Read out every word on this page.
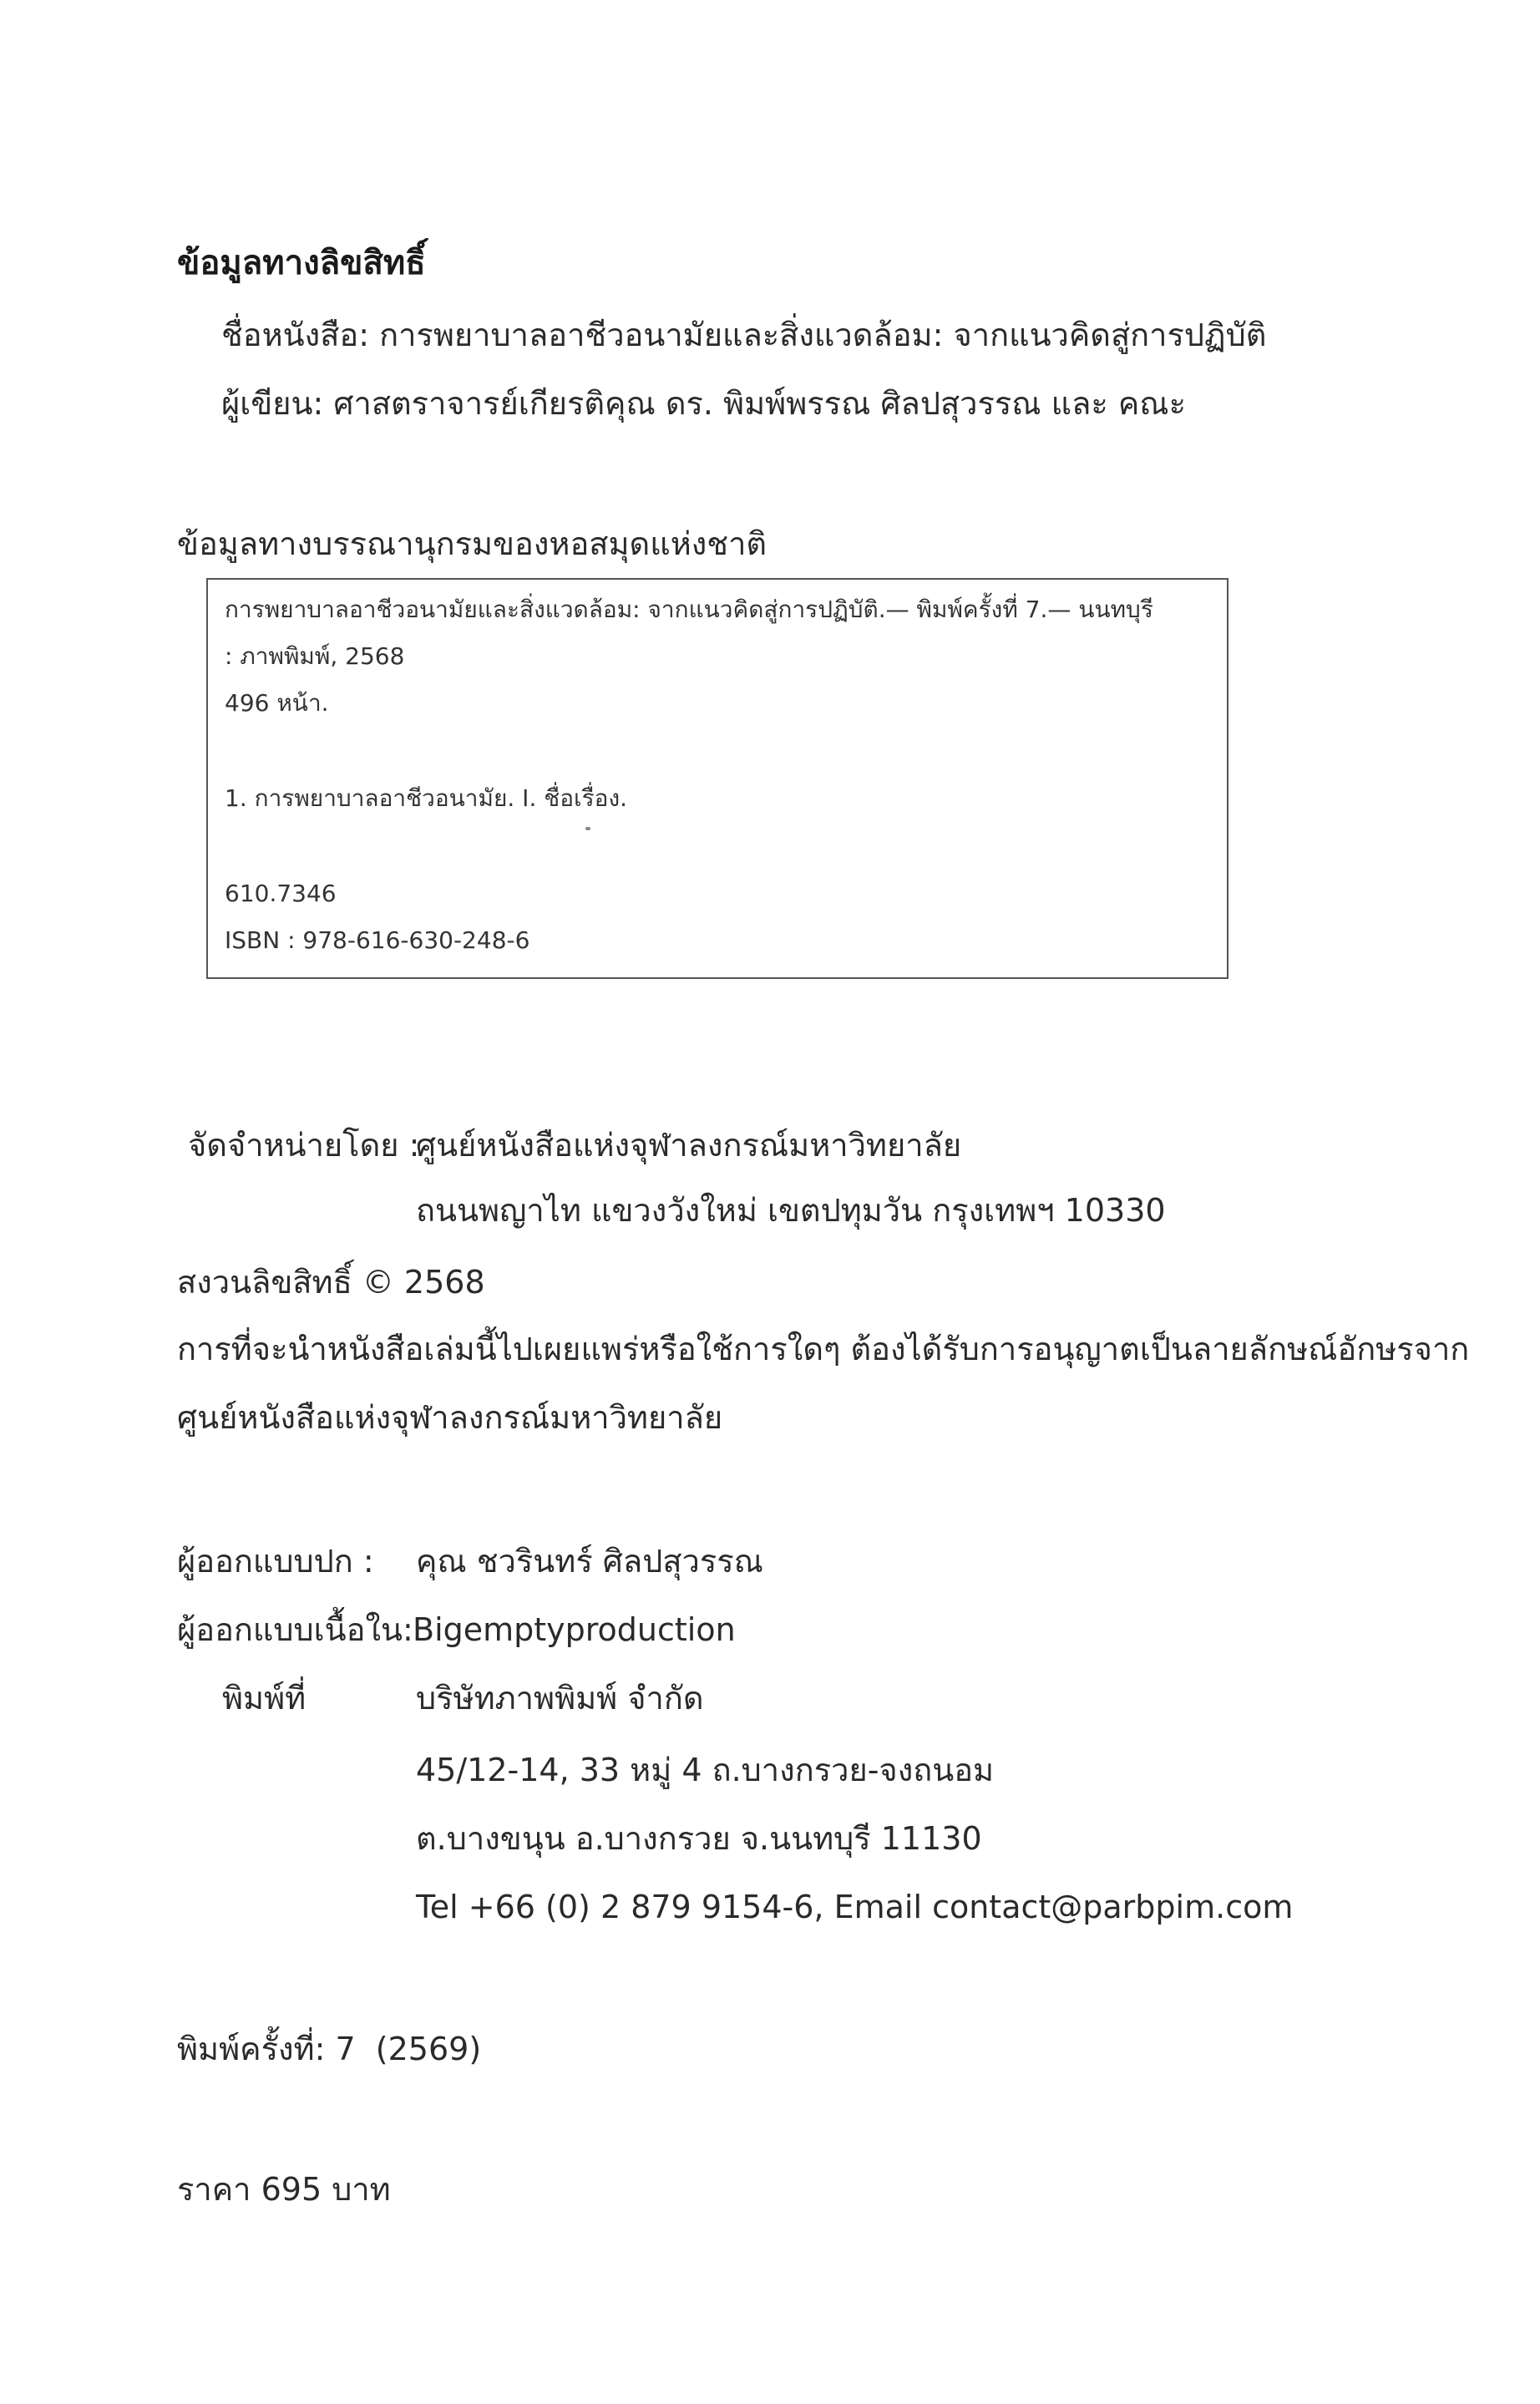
ข้อมูลทางลิขสิทธิ์
ชื่อหนังสือ: การพยาบาลอาชีวอนามัยและสิ่งแวดล้อม: จากแนวคิดสู่การปฏิบัติ
ผู้เขียน: ศาสตราจารย์เกียรติคุณ ดร. พิมพ์พรรณ ศิลปสุวรรณ และ คณะ
ข้อมูลทางบรรณานุกรมของหอสมุดแห่งชาติ
การพยาบาลอาชีวอนามัยและสิ่งแวดล้อม: จากแนวคิดสู่การปฏิบัติ.— พิมพ์ครั้งที่ 7.— นนทบุรี
: ภาพพิมพ์, 2568
496 หน้า.
1. การพยาบาลอาชีวอนามัย. I. ชื่อเรื่อง.
610.7346
ISBN : 978-616-630-248-6
จัดจำหน่ายโดย :
ศูนย์หนังสือแห่งจุฬาลงกรณ์มหาวิทยาลัย
ถนนพญาไท แขวงวังใหม่ เขตปทุมวัน กรุงเทพฯ 10330
สงวนลิขสิทธิ์ © 2568
การที่จะนำหนังสือเล่มนี้ไปเผยแพร่หรือใช้การใดๆ ต้องได้รับการอนุญาตเป็นลายลักษณ์อักษรจาก
ศูนย์หนังสือแห่งจุฬาลงกรณ์มหาวิทยาลัย
ผู้ออกแบบปก : คุณ ชวรินทร์ ศิลปสุวรรณ
ผู้ออกแบบเนื้อใน: Bigemptyproduction
พิมพ์ที่	บริษัทภาพพิมพ์ จำกัด
45/12-14, 33 หมู่ 4 ถ.บางกรวย-จงถนอม
ต.บางขนุน อ.บางกรวย จ.นนทบุรี 11130
Tel +66 (0) 2 879 9154-6, Email contact@parbpim.com
พิมพ์ครั้งที่: 7  (2569)
ราคา 695 บาท
